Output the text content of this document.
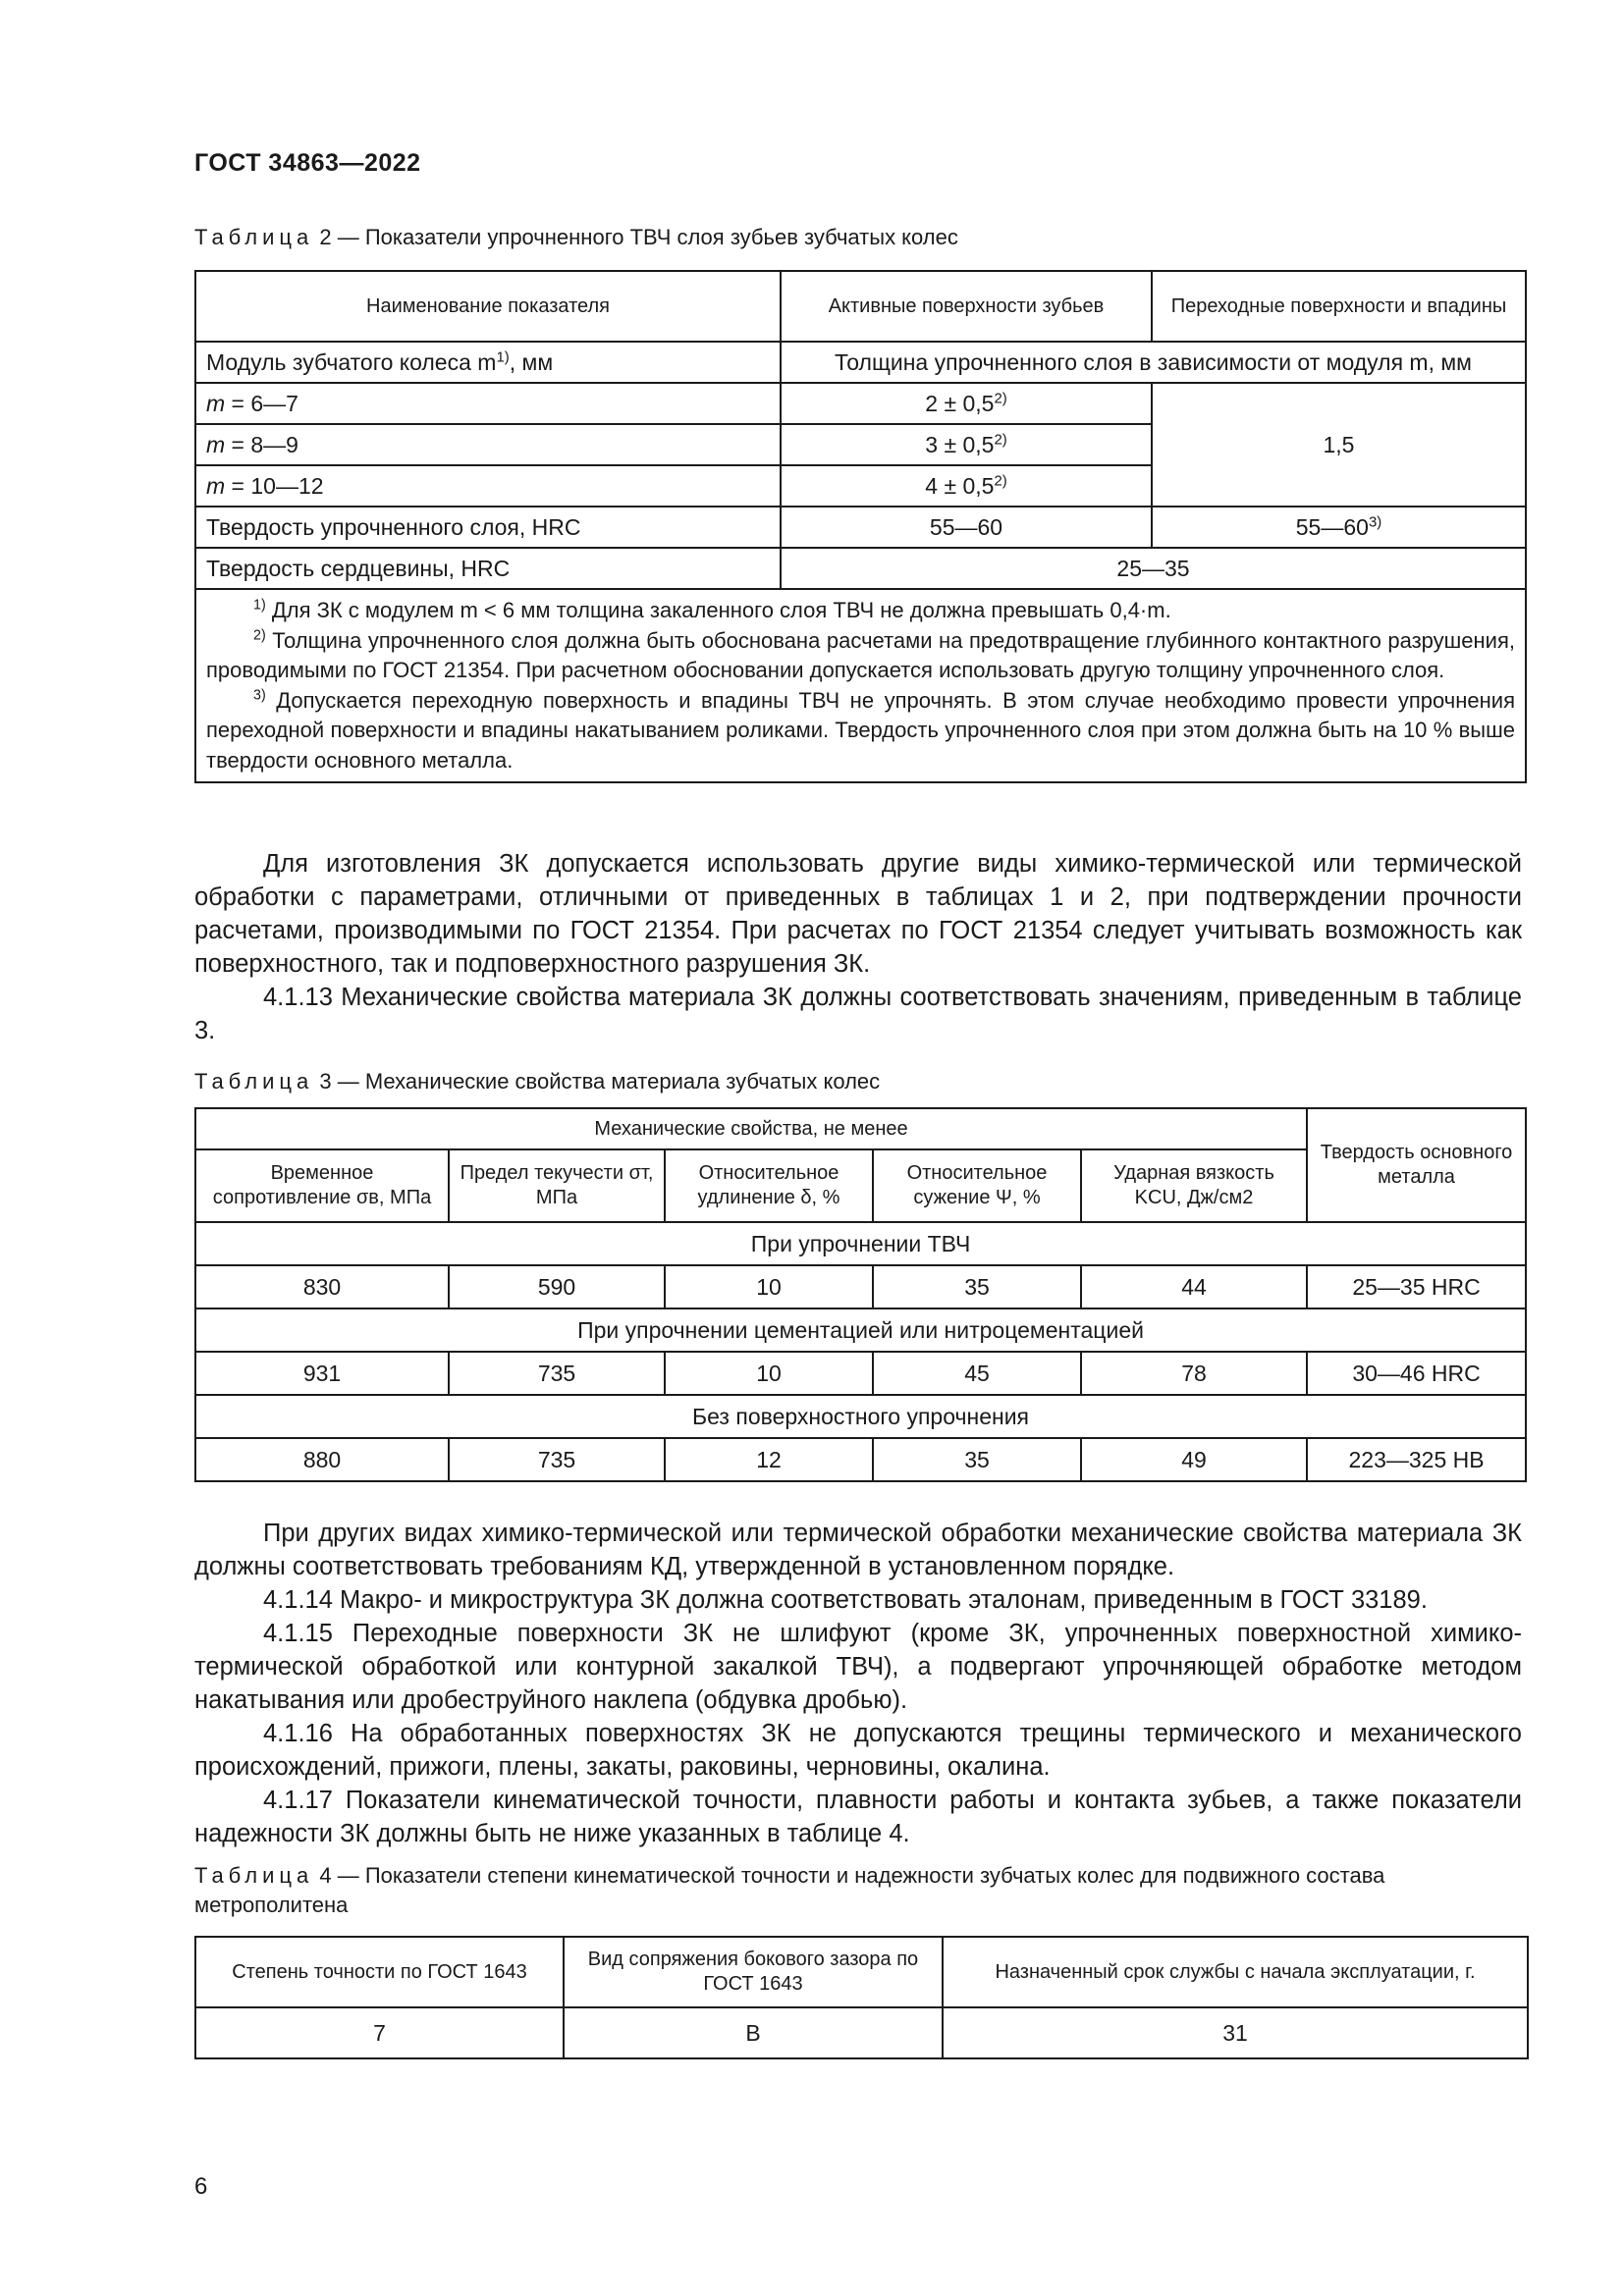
ГОСТ 34863—2022
Таблица 2 — Показатели упрочненного ТВЧ слоя зубьев зубчатых колес
Наименование показателя	Активные поверхности зубьев	Переходные поверхности и впадины
Модуль зубчатого колеса $m^{1)}$, мм	Толщина упрочненного слоя в зависимости от модуля m, мм	
m = 6—7	$2 \pm 0,5^{2)}$	1,5
m = 8—9	$3 \pm 0,5^{2)}$
m = 10—12	$4 \pm 0,5^{2)}$
Твердость упрочненного слоя, HRC	55—60	55—60$^{3)}$
Твердость сердцевины, HRC	25—35	

$^{1)}$ Для ЗК с модулем m < 6 мм толщина закаленного слоя ТВЧ не должна превышать 0,4·m.

$^{2)}$ Толщина упрочненного слоя должна быть обоснована расчетами на предотвращение глубинного контактного разрушения, проводимыми по ГОСТ 21354. При расчетном обосновании допускается использовать другую толщину упрочненного слоя.

$^{3)}$ Допускается переходную поверхность и впадины ТВЧ не упрочнять. В этом случае необходимо провести упрочнения переходной поверхности и впадины накатыванием роликами. Твердость упрочненного слоя при этом должна быть на 10 % выше твердости основного металла.		

Для изготовления ЗК допускается использовать другие виды химико-термической или термической обработки с параметрами, отличными от приведенных в таблицах 1 и 2, при подтверждении прочности расчетами, производимыми по ГОСТ 21354. При расчетах по ГОСТ 21354 следует учитывать возможность как поверхностного, так и подповерхностного разрушения ЗК.

4.1.13 Механические свойства материала ЗК должны соответствовать значениям, приведенным в таблице 3.

Таблица 3 — Механические свойства материала зубчатых колес
Механические свойства, не менее					Твердость основного металла
Временное сопротивление σв, МПа	Предел текучести σт, МПа	Относительное удлинение δ, %	Относительное сужение Ψ, %	Ударная вязкость KCU, Дж/см2	
При упрочнении ТВЧ					
830	590	10	35	44	25—35 HRC
При упрочнении цементацией или нитроцементацией					
931	735	10	45	78	30—46 HRC
Без поверхностного упрочнения					
880	735	12	35	49	223—325 НВ

При других видах химико-термической или термической обработки механические свойства материала ЗК должны соответствовать требованиям КД, утвержденной в установленном порядке.

4.1.14 Макро- и микроструктура ЗК должна соответствовать эталонам, приведенным в ГОСТ 33189.

4.1.15 Переходные поверхности ЗК не шлифуют (кроме ЗК, упрочненных поверхностной химико-термической обработкой или контурной закалкой ТВЧ), а подвергают упрочняющей обработке методом накатывания или дробеструйного наклепа (обдувка дробью).

4.1.16 На обработанных поверхностях ЗК не допускаются трещины термического и механического происхождений, прижоги, плены, закаты, раковины, черновины, окалина.

4.1.17 Показатели кинематической точности, плавности работы и контакта зубьев, а также показатели надежности ЗК должны быть не ниже указанных в таблице 4.

Таблица 4 — Показатели степени кинематической точности и надежности зубчатых колес для подвижного состава метрополитена
Степень точности по ГОСТ 1643	Вид сопряжения бокового зазора по ГОСТ 1643	Назначенный срок службы с начала эксплуатации, г.
7	В	31
6
